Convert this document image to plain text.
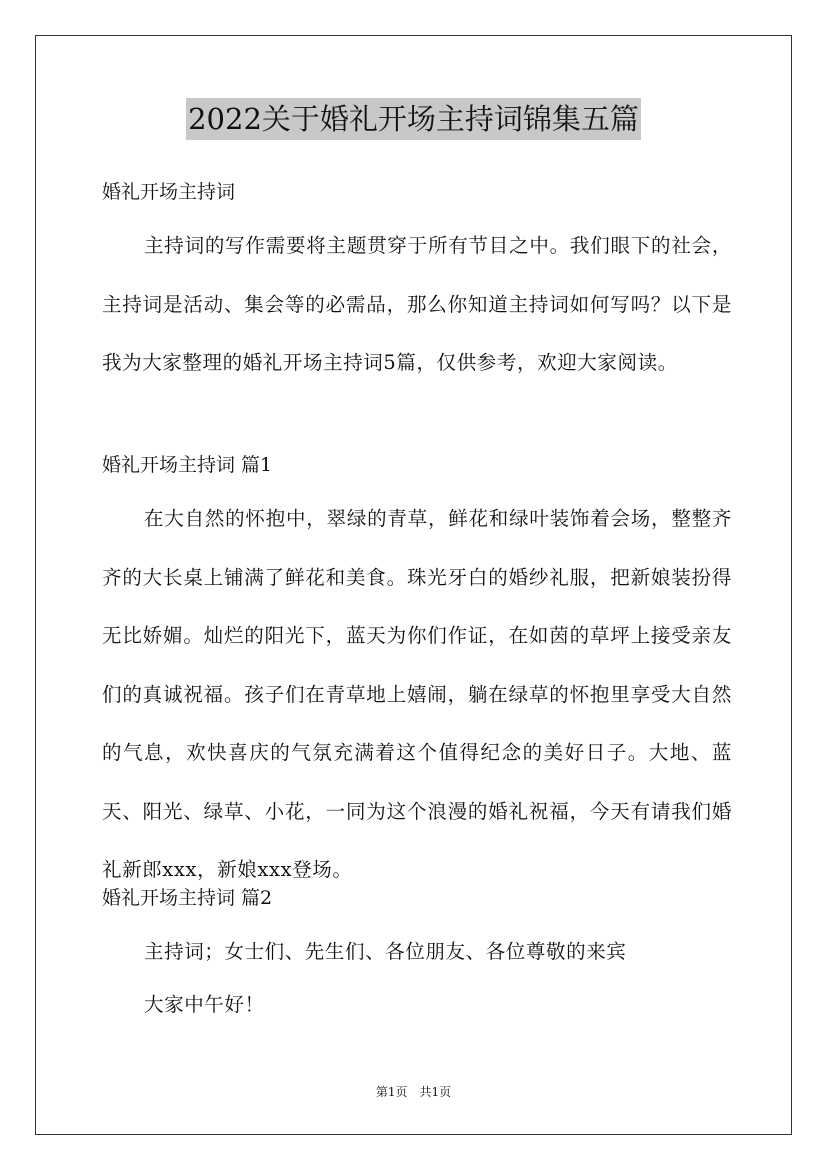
2022关于婚礼开场主持词锦集五篇
婚礼开场主持词
主持词的写作需要将主题贯穿于所有节目之中。我们眼下的社会，主持词是活动、集会等的必需品，那么你知道主持词如何写吗？以下是我为大家整理的婚礼开场主持词5篇，仅供参考，欢迎大家阅读。
婚礼开场主持词 篇1
在大自然的怀抱中，翠绿的青草，鲜花和绿叶装饰着会场，整整齐齐的大长桌上铺满了鲜花和美食。珠光牙白的婚纱礼服，把新娘装扮得无比娇媚。灿烂的阳光下，蓝天为你们作证，在如茵的草坪上接受亲友们的真诚祝福。孩子们在青草地上嬉闹，躺在绿草的怀抱里享受大自然的气息，欢快喜庆的气氛充满着这个值得纪念的美好日子。大地、蓝天、阳光、绿草、小花，一同为这个浪漫的婚礼祝福，今天有请我们婚礼新郎xxx，新娘xxx登场。
婚礼开场主持词 篇2
主持词；女士们、先生们、各位朋友、各位尊敬的来宾
大家中午好！
第1页　共1页
